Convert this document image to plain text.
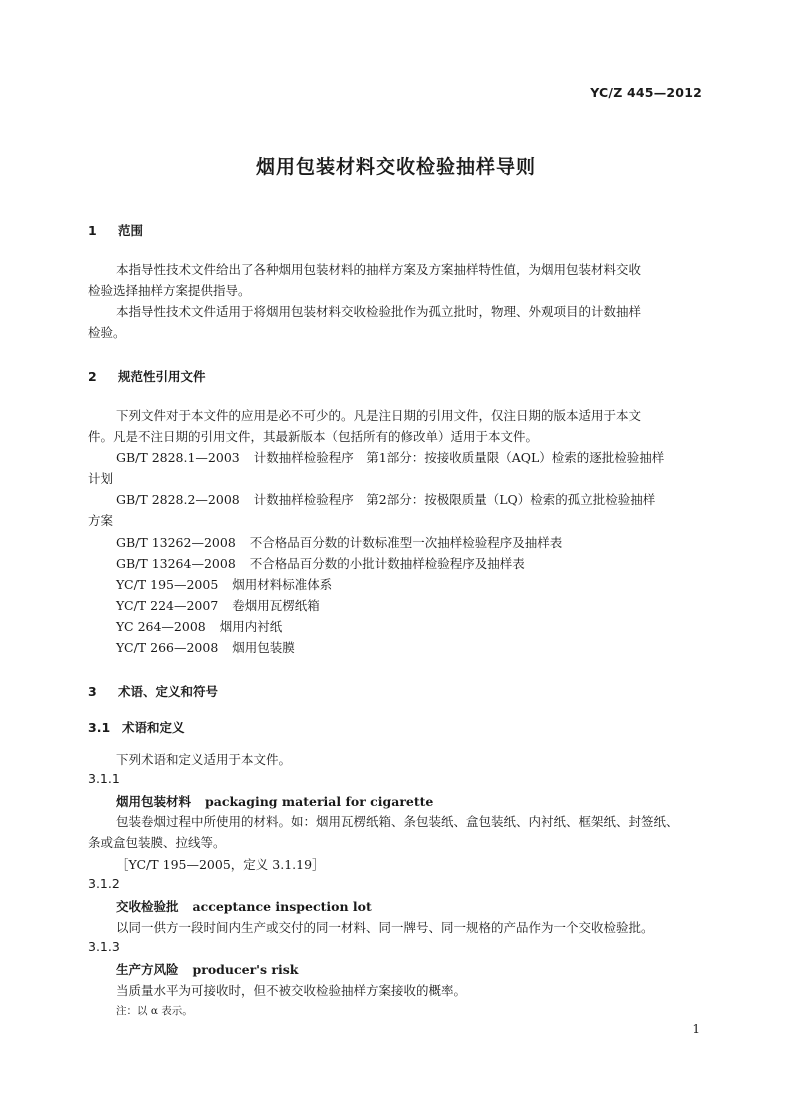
YC/Z 445—2012
烟用包装材料交收检验抽样导则
1 范围
本指导性技术文件给出了各种烟用包装材料的抽样方案及方案抽样特性值，为烟用包装材料交收
检验选择抽样方案提供指导。
本指导性技术文件适用于将烟用包装材料交收检验批作为孤立批时，物理、外观项目的计数抽样
检验。
2 规范性引用文件
下列文件对于本文件的应用是必不可少的。凡是注日期的引用文件，仅注日期的版本适用于本文
件。凡是不注日期的引用文件，其最新版本（包括所有的修改单）适用于本文件。
GB/T 2828.1—2003 计数抽样检验程序　第1部分：按接收质量限（AQL）检索的逐批检验抽样
计划
GB/T 2828.2—2008 计数抽样检验程序　第2部分：按极限质量（LQ）检索的孤立批检验抽样
方案
GB/T 13262—2008 不合格品百分数的计数标准型一次抽样检验程序及抽样表
GB/T 13264—2008 不合格品百分数的小批计数抽样检验程序及抽样表
YC/T 195—2005 烟用材料标准体系
YC/T 224—2007 卷烟用瓦楞纸箱
YC 264—2008 烟用内衬纸
YC/T 266—2008 烟用包装膜
3 术语、定义和符号
3.1 术语和定义
下列术语和定义适用于本文件。
3.1.1
烟用包装材料 packaging material for cigarette
包装卷烟过程中所使用的材料。如：烟用瓦楞纸箱、条包装纸、盒包装纸、内衬纸、框架纸、封签纸、
条或盒包装膜、拉线等。
［YC/T 195—2005，定义 3.1.19］
3.1.2
交收检验批 acceptance inspection lot
以同一供方一段时间内生产或交付的同一材料、同一牌号、同一规格的产品作为一个交收检验批。
3.1.3
生产方风险 producer's risk
当质量水平为可接收时，但不被交收检验抽样方案接收的概率。
注：以 α 表示。
1
